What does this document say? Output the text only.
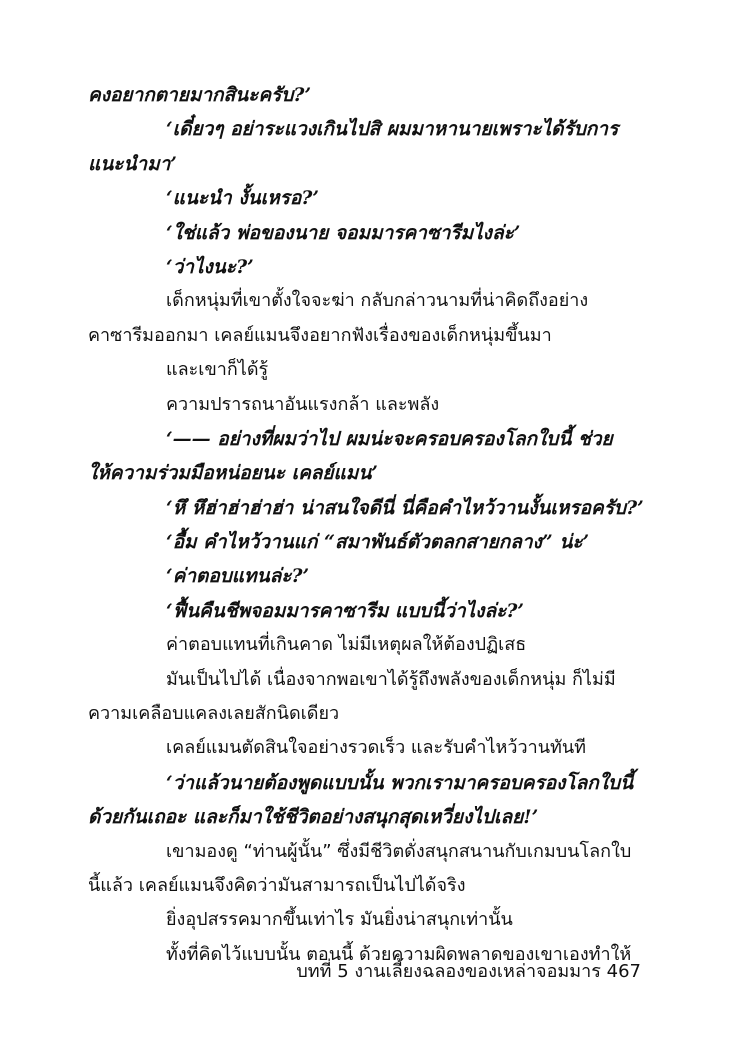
คงอยากตายมากสินะครับ?’
‘เดี๋ยวๆ อย่าระแวงเกินไปสิ ผมมาหานายเพราะได้รับการ
แนะนำมา’
‘แนะนำ งั้นเหรอ?’
‘ใช่แล้ว พ่อของนาย จอมมารคาซารีมไงล่ะ’
‘ว่าไงนะ?’
เด็กหนุ่มที่เขาตั้งใจจะฆ่า กลับกล่าวนามที่น่าคิดถึงอย่าง
คาซารีมออกมา เคลย์แมนจึงอยากฟังเรื่องของเด็กหนุ่มขึ้นมา
และเขาก็ได้รู้
ความปรารถนาอันแรงกล้า และพลัง
‘—— อย่างที่ผมว่าไป ผมน่ะจะครอบครองโลกใบนี้ ช่วย
ให้ความร่วมมือหน่อยนะ เคลย์แมน’
‘หึ หึฮ่าฮ่าฮ่าฮ่า น่าสนใจดีนี่ นี่คือคำไหว้วานงั้นเหรอครับ?’
‘อื้ม คำไหว้วานแก่ “สมาพันธ์ตัวตลกสายกลาง” น่ะ’
‘ค่าตอบแทนล่ะ?’
‘ฟื้นคืนชีพจอมมารคาซารีม แบบนี้ว่าไงล่ะ?’
ค่าตอบแทนที่เกินคาด ไม่มีเหตุผลให้ต้องปฏิเสธ
มันเป็นไปได้ เนื่องจากพอเขาได้รู้ถึงพลังของเด็กหนุ่ม ก็ไม่มี
ความเคลือบแคลงเลยสักนิดเดียว
เคลย์แมนตัดสินใจอย่างรวดเร็ว และรับคำไหว้วานทันที
‘ว่าแล้วนายต้องพูดแบบนั้น พวกเรามาครอบครองโลกใบนี้
ด้วยกันเถอะ และก็มาใช้ชีวิตอย่างสนุกสุดเหวี่ยงไปเลย!’
เขามองดู “ท่านผู้นั้น” ซึ่งมีชีวิตดั่งสนุกสนานกับเกมบนโลกใบ
นี้แล้ว เคลย์แมนจึงคิดว่ามันสามารถเป็นไปได้จริง
ยิ่งอุปสรรคมากขึ้นเท่าไร มันยิ่งน่าสนุกเท่านั้น
ทั้งที่คิดไว้แบบนั้น ตอนนี้ ด้วยความผิดพลาดของเขาเองทำให้
บทที่ 5 งานเลี้ยงฉลองของเหล่าจอมมาร 467
